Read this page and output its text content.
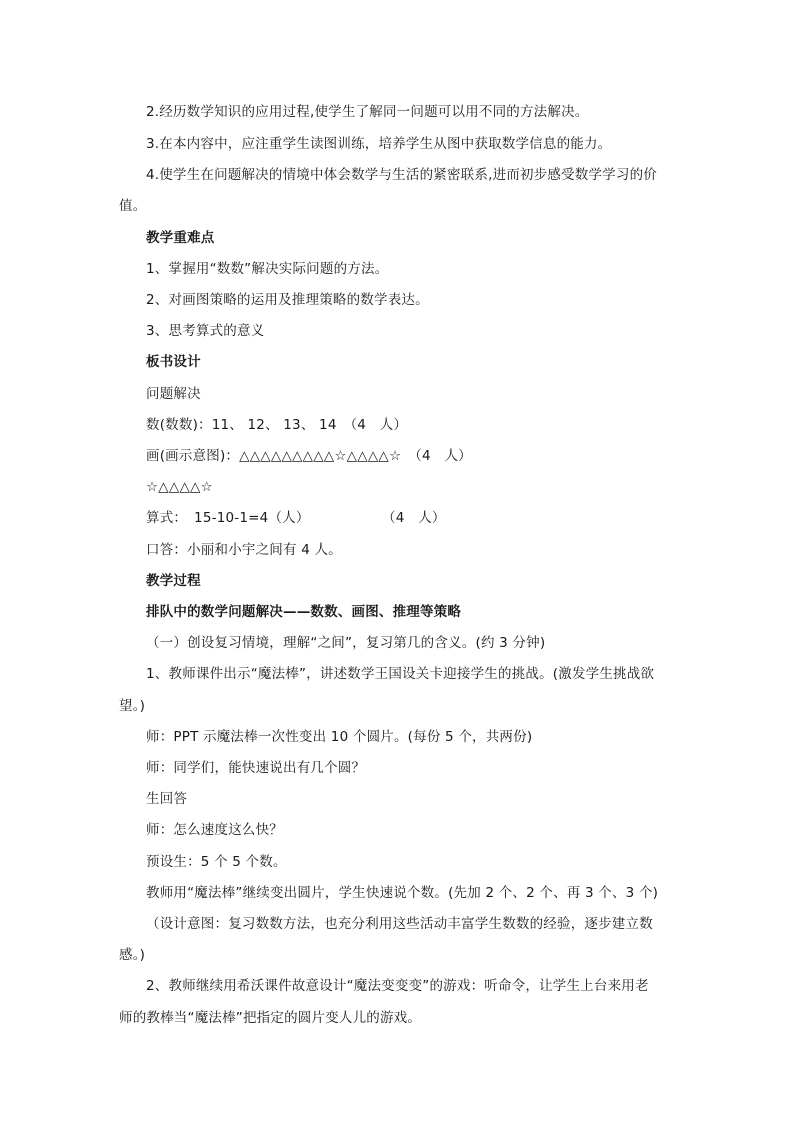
2.经历数学知识的应用过程,使学生了解同一问题可以用不同的方法解决。
3.在本内容中，应注重学生读图训练，培养学生从图中获取数学信息的能力。
4.使学生在问题解决的情境中体会数学与生活的紧密联系,进而初步感受数学学习的价
值。
教学重难点
1、掌握用“数数”解决实际问题的方法。
2、对画图策略的运用及推理策略的数学表达。
3、思考算式的意义
板书设计
问题解决
数(数数)：11、 12、 13、 14　（4　人）
画(画示意图)：△△△△△△△△△☆△△△△☆　（4　人）
☆△△△△☆
算式：　15-10-1=4（人）	（4　人）
口答：小丽和小宇之间有 4 人。
教学过程
排队中的数学问题解决——数数、画图、推理等策略
（一）创设复习情境，理解“之间”，复习第几的含义。(约 3 分钟)
1、教师课件出示“魔法棒”，讲述数学王国设关卡迎接学生的挑战。(激发学生挑战欲
望。)
师：PPT 示魔法棒一次性变出 10 个圆片。(每份 5 个，共两份)
师：同学们，能快速说出有几个圆？
生回答
师：怎么速度这么快？
预设生：5 个 5 个数。
教师用“魔法棒”继续变出圆片，学生快速说个数。(先加 2 个、2 个、再 3 个、3 个)
（设计意图：复习数数方法，也充分利用这些活动丰富学生数数的经验，逐步建立数
感。)
2、教师继续用希沃课件故意设计“魔法变变变”的游戏：听命令，让学生上台来用老
师的教棒当“魔法棒”把指定的圆片变人儿的游戏。
